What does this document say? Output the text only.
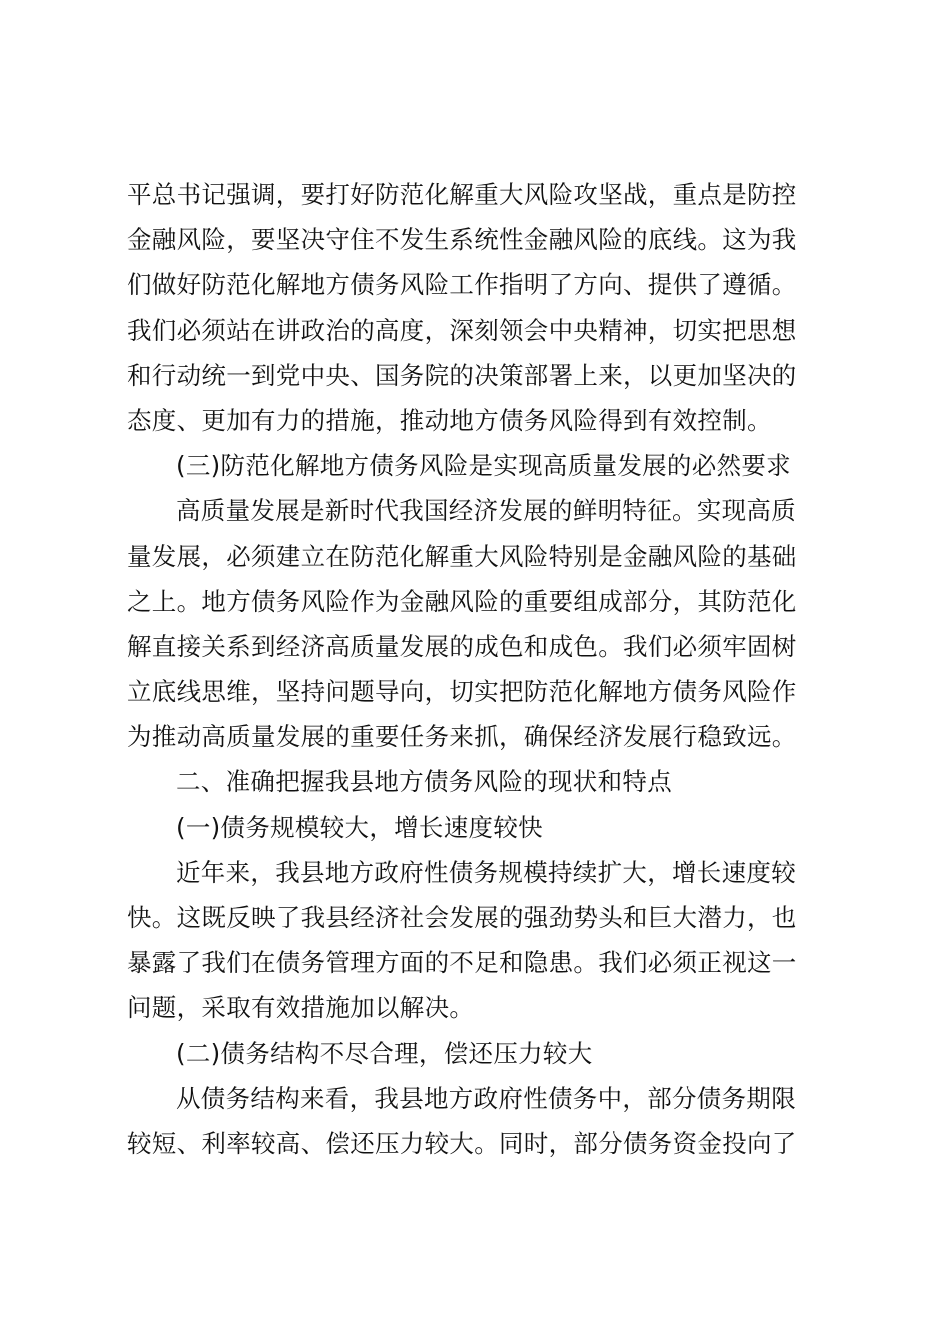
平总书记强调，要打好防范化解重大风险攻坚战，重点是防控
金融风险，要坚决守住不发生系统性金融风险的底线。这为我
们做好防范化解地方债务风险工作指明了方向、提供了遵循。
我们必须站在讲政治的高度，深刻领会中央精神，切实把思想
和行动统一到党中央、国务院的决策部署上来，以更加坚决的
态度、更加有力的措施，推动地方债务风险得到有效控制。
(三)防范化解地方债务风险是实现高质量发展的必然要求
高质量发展是新时代我国经济发展的鲜明特征。实现高质
量发展，必须建立在防范化解重大风险特别是金融风险的基础
之上。地方债务风险作为金融风险的重要组成部分，其防范化
解直接关系到经济高质量发展的成色和成色。我们必须牢固树
立底线思维，坚持问题导向，切实把防范化解地方债务风险作
为推动高质量发展的重要任务来抓，确保经济发展行稳致远。
二、准确把握我县地方债务风险的现状和特点
(一)债务规模较大，增长速度较快
近年来，我县地方政府性债务规模持续扩大，增长速度较
快。这既反映了我县经济社会发展的强劲势头和巨大潜力，也
暴露了我们在债务管理方面的不足和隐患。我们必须正视这一
问题，采取有效措施加以解决。
(二)债务结构不尽合理，偿还压力较大
从债务结构来看，我县地方政府性债务中，部分债务期限
较短、利率较高、偿还压力较大。同时，部分债务资金投向了
